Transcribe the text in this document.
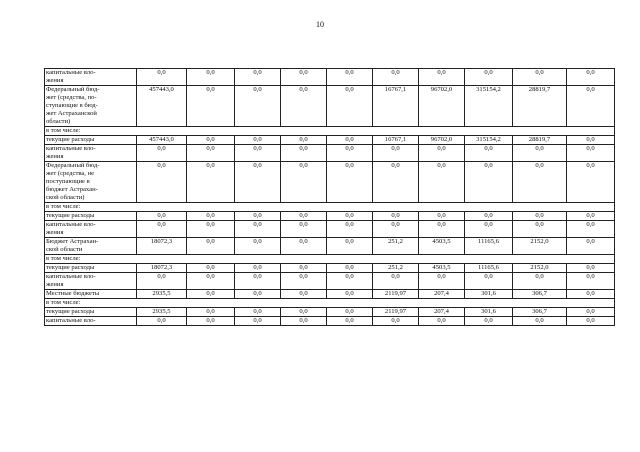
10
капитальные вло-
жения	0,0	0,0	0,0	0,0	0,0	0,0	0,0	0,0	0,0	0,0
Федеральный бюд-
жет (средства, по-
ступающие в бюд-
жет Астраханской
области)	457443,0	0,0	0,0	0,0	0,0	16767,1	96702,0	315154,2	28819,7	0,0
в том числе:										
текущие расходы	457443,0	0,0	0,0	0,0	0,0	16767,1	96702,0	315154,2	28819,7	0,0
капитальные вло-
жения	0,0	0,0	0,0	0,0	0,0	0,0	0,0	0,0	0,0	0,0
Федеральный бюд-
жет (средства, не
поступающие в
бюджет Астрахан-
ской области)	0,0	0,0	0,0	0,0	0,0	0,0	0,0	0,0	0,0	0,0
в том числе:										
текущие расходы	0,0	0,0	0,0	0,0	0,0	0,0	0,0	0,0	0,0	0,0
капитальные вло-
жения	0,0	0,0	0,0	0,0	0,0	0,0	0,0	0,0	0,0	0,0
Бюджет Астрахан-
ской области	18072,3	0,0	0,0	0,0	0,0	251,2	4503,5	11165,6	2152,0	0,0
в том числе:										
текущие расходы	18072,3	0,0	0,0	0,0	0,0	251,2	4503,5	11165,6	2152,0	0,0
капитальные вло-
жения	0,0	0,0	0,0	0,0	0,0	0,0	0,0	0,0	0,0	0,0
Местные бюджеты	2935,5	0,0	0,0	0,0	0,0	2119,97	207,4	301,6	306,7	0,0
в том числе:										
текущие расходы	2935,5	0,0	0,0	0,0	0,0	2119,97	207,4	301,6	306,7	0,0
капитальные вло-	0,0	0,0	0,0	0,0	0,0	0,0	0,0	0,0	0,0	0,0
